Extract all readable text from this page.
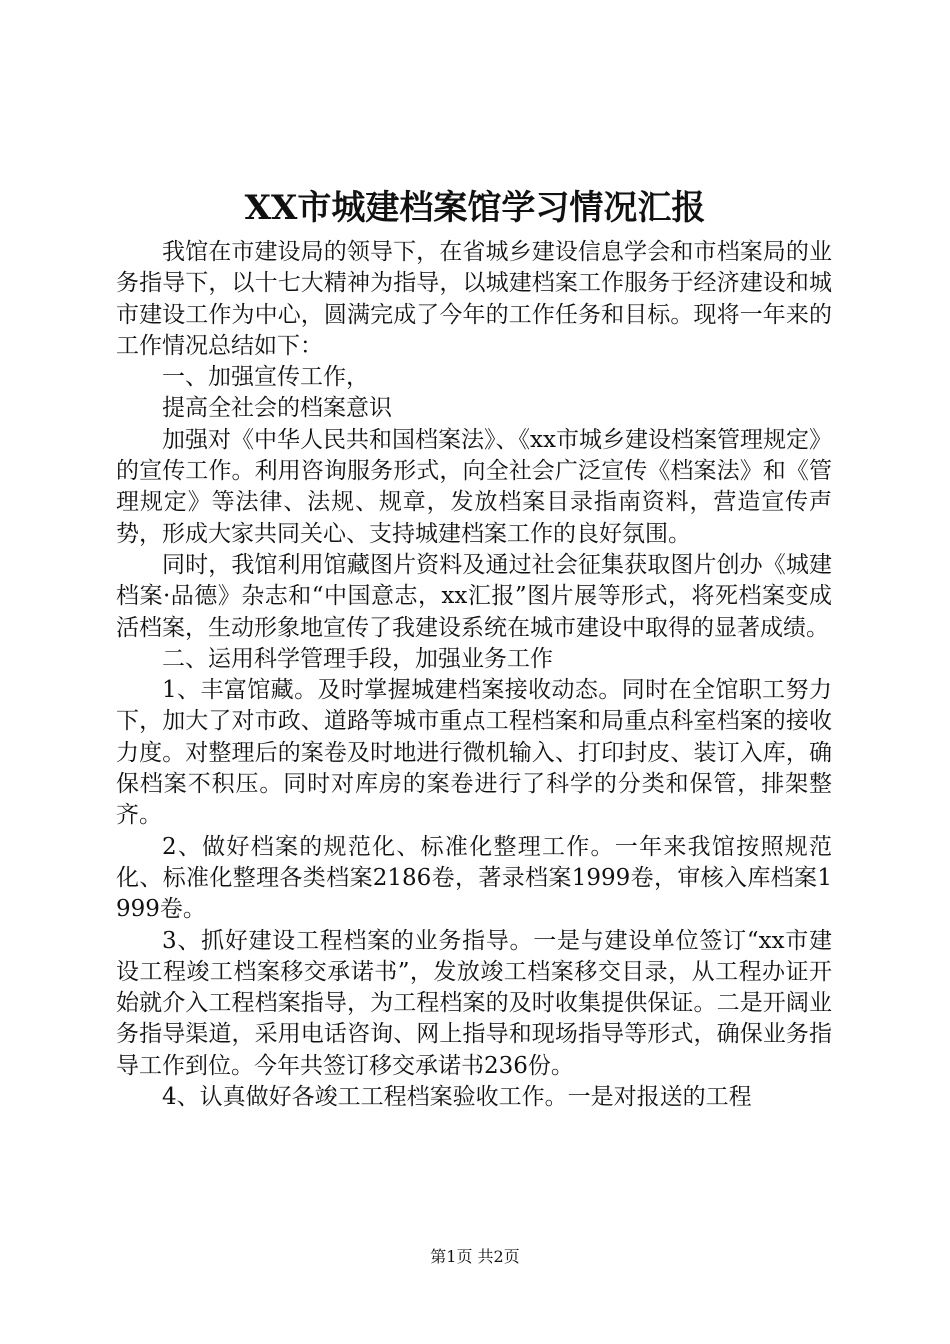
XX市城建档案馆学习情况汇报

我馆在市建设局的领导下，在省城乡建设信息学会和市档案局的业务指导下，以十七大精神为指导，以城建档案工作服务于经济建设和城市建设工作为中心，圆满完成了今年的工作任务和目标。现将一年来的工作情况总结如下：

一、加强宣传工作，

提高全社会的档案意识

加强对《中华人民共和国档案法》、《xx市城乡建设档案管理规定》的宣传工作。利用咨询服务形式，向全社会广泛宣传《档案法》和《管理规定》等法律、法规、规章，发放档案目录指南资料，营造宣传声势，形成大家共同关心、支持城建档案工作的良好氛围。

同时，我馆利用馆藏图片资料及通过社会征集获取图片创办《城建档案·品德》杂志和“中国意志，xx汇报”图片展等形式，将死档案变成活档案，生动形象地宣传了我建设系统在城市建设中取得的显著成绩。

二、运用科学管理手段，加强业务工作

1、丰富馆藏。及时掌握城建档案接收动态。同时在全馆职工努力下，加大了对市政、道路等城市重点工程档案和局重点科室档案的接收力度。对整理后的案卷及时地进行微机输入、打印封皮、装订入库，确保档案不积压。同时对库房的案卷进行了科学的分类和保管，排架整齐。

2、做好档案的规范化、标准化整理工作。一年来我馆按照规范化、标准化整理各类档案2186卷，著录档案1999卷，审核入库档案1999卷。

3、抓好建设工程档案的业务指导。一是与建设单位签订“xx市建设工程竣工档案移交承诺书”，发放竣工档案移交目录，从工程办证开始就介入工程档案指导，为工程档案的及时收集提供保证。二是开阔业务指导渠道，采用电话咨询、网上指导和现场指导等形式，确保业务指导工作到位。今年共签订移交承诺书236份。

4、认真做好各竣工工程档案验收工作。一是对报送的工程

第1页 共2页
